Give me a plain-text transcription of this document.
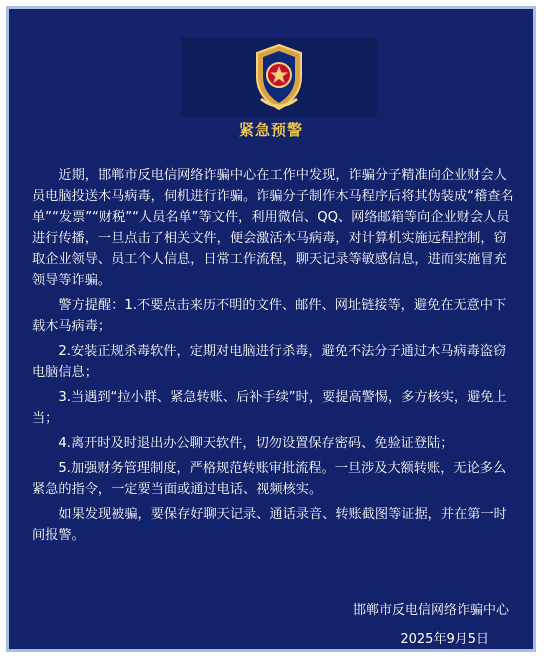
紧急预警

近期，邯郸市反电信网络诈骗中心在工作中发现，诈骗分子精准向企业财会人员电脑投送木马病毒，伺机进行诈骗。诈骗分子制作木马程序后将其伪装成“稽查名单”“发票”“财税”“人员名单”等文件，利用微信、QQ、网络邮箱等向企业财会人员进行传播，一旦点击了相关文件，便会激活木马病毒，对计算机实施远程控制，窃取企业领导、员工个人信息，日常工作流程，聊天记录等敏感信息，进而实施冒充领导等诈骗。

警方提醒：1.不要点击来历不明的文件、邮件、网址链接等，避免在无意中下载木马病毒；

2.安装正规杀毒软件，定期对电脑进行杀毒，避免不法分子通过木马病毒盗窃电脑信息；

3.当遇到“拉小群、紧急转账、后补手续”时，要提高警惕，多方核实，避免上当；

4.离开时及时退出办公聊天软件，切勿设置保存密码、免验证登陆；

5.加强财务管理制度，严格规范转账审批流程。一旦涉及大额转账，无论多么紧急的指令，一定要当面或通过电话、视频核实。

如果发现被骗，要保存好聊天记录、通话录音、转账截图等证据，并在第一时间报警。

邯郸市反电信网络诈骗中心
2025年9月5日
